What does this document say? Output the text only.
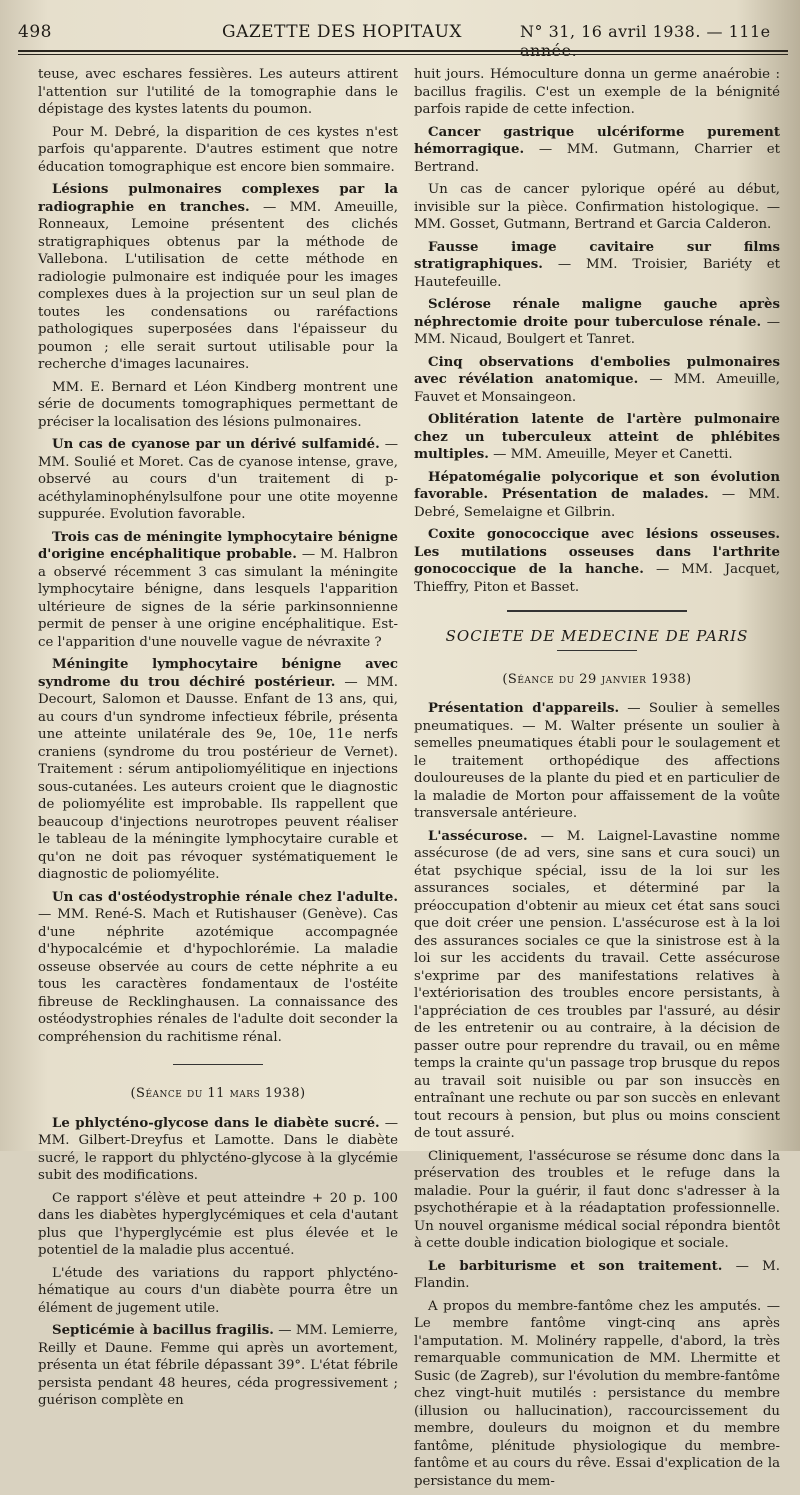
498	GAZETTE DES HOPITAUX	N° 31, 16 avril 1938. — 111e année.

teuse, avec eschares fessières. Les auteurs attirent l'attention sur l'utilité de la tomographie dans le dépistage des kystes latents du poumon.

Pour M. Debré, la disparition de ces kystes n'est parfois qu'apparente. D'autres estiment que notre éducation tomographique est encore bien sommaire.

Lésions pulmonaires complexes par la radiographie en tranches. — MM. Ameuille, Ronneaux, Lemoine présentent des clichés stratigraphiques obtenus par la méthode de Vallebona. L'utilisation de cette méthode en radiologie pulmonaire est indiquée pour les images complexes dues à la projection sur un seul plan de toutes les condensations ou raréfactions pathologiques superposées dans l'épaisseur du poumon ; elle serait surtout utilisable pour la recherche d'images lacunaires.

MM. E. Bernard et Léon Kindberg montrent une série de documents tomographiques permettant de préciser la localisation des lésions pulmonaires.

Un cas de cyanose par un dérivé sulfamidé. — MM. Soulié et Moret. Cas de cyanose intense, grave, observé au cours d'un traitement di p-acéthylaminophénylsulfone pour une otite moyenne suppurée. Evolution favorable.

Trois cas de méningite lymphocytaire bénigne d'origine encéphalitique probable. — M. Halbron a observé récemment 3 cas simulant la méningite lymphocytaire bénigne, dans lesquels l'apparition ultérieure de signes de la série parkinsonnienne permit de penser à une origine encéphalitique. Est-ce l'apparition d'une nouvelle vague de névraxite ?

Méningite lymphocytaire bénigne avec syndrome du trou déchiré postérieur. — MM. Decourt, Salomon et Dausse. Enfant de 13 ans, qui, au cours d'un syndrome infectieux fébrile, présenta une atteinte unilatérale des 9e, 10e, 11e nerfs craniens (syndrome du trou postérieur de Vernet). Traitement : sérum antipoliomyélitique en injections sous-cutanées. Les auteurs croient que le diagnostic de poliomyélite est improbable. Ils rappellent que beaucoup d'injections neurotropes peuvent réaliser le tableau de la méningite lymphocytaire curable et qu'on ne doit pas révoquer systématiquement le diagnostic de poliomyélite.

Un cas d'ostéodystrophie rénale chez l'adulte. — MM. René-S. Mach et Rutishauser (Genève). Cas d'une néphrite azotémique accompagnée d'hypocalcémie et d'hypochlorémie. La maladie osseuse observée au cours de cette néphrite a eu tous les caractères fondamentaux de l'ostéite fibreuse de Recklinghausen. La connaissance des ostéodystrophies rénales de l'adulte doit seconder la compréhension du rachitisme rénal.

(Séance du 11 mars 1938)

Le phlycténo-glycose dans le diabète sucré. — MM. Gilbert-Dreyfus et Lamotte. Dans le diabète sucré, le rapport du phlycténo-glycose à la glycémie subit des modifications.

Ce rapport s'élève et peut atteindre + 20 p. 100 dans les diabètes hyperglycémiques et cela d'autant plus que l'hyperglycémie est plus élevée et le potentiel de la maladie plus accentué.

L'étude des variations du rapport phlycténo-hématique au cours d'un diabète pourra être un élément de jugement utile.

Septicémie à bacillus fragilis. — MM. Lemierre, Reilly et Daune. Femme qui après un avortement, présenta un état fébrile dépassant 39°. L'état fébrile persista pendant 48 heures, céda progressivement ; guérison complète en

huit jours. Hémoculture donna un germe anaérobie : bacillus fragilis. C'est un exemple de la bénignité parfois rapide de cette infection.

Cancer gastrique ulcériforme purement hémorragique. — MM. Gutmann, Charrier et Bertrand.

Un cas de cancer pylorique opéré au début, invisible sur la pièce. Confirmation histologique. — MM. Gosset, Gutmann, Bertrand et Garcia Calderon.

Fausse image cavitaire sur films stratigraphiques. — MM. Troisier, Bariéty et Hautefeuille.

Sclérose rénale maligne gauche après néphrectomie droite pour tuberculose rénale. — MM. Nicaud, Boulgert et Tanret.

Cinq observations d'embolies pulmonaires avec révélation anatomique. — MM. Ameuille, Fauvet et Monsaingeon.

Oblitération latente de l'artère pulmonaire chez un tuberculeux atteint de phlébites multiples. — MM. Ameuille, Meyer et Canetti.

Hépatomégalie polycorique et son évolution favorable. Présentation de malades. — MM. Debré, Semelaigne et Gilbrin.

Coxite gonococcique avec lésions osseuses. Les mutilations osseuses dans l'arthrite gonococcique de la hanche. — MM. Jacquet, Thieffry, Piton et Basset.

SOCIETE DE MEDECINE DE PARIS
(Séance du 29 janvier 1938)

Présentation d'appareils. — Soulier à semelles pneumatiques. — M. Walter présente un soulier à semelles pneumatiques établi pour le soulagement et le traitement orthopédique des affections douloureuses de la plante du pied et en particulier de la maladie de Morton pour affaissement de la voûte transversale antérieure.

L'assécurose. — M. Laignel-Lavastine nomme assécurose (de ad vers, sine sans et cura souci) un état psychique spécial, issu de la loi sur les assurances sociales, et déterminé par la préoccupation d'obtenir au mieux cet état sans souci que doit créer une pension. L'assécurose est à la loi des assurances sociales ce que la sinistrose est à la loi sur les accidents du travail. Cette assécurose s'exprime par des manifestations relatives à l'extériorisation des troubles encore persistants, à l'appréciation de ces troubles par l'assuré, au désir de les entretenir ou au contraire, à la décision de passer outre pour reprendre du travail, ou en même temps la crainte qu'un passage trop brusque du repos au travail soit nuisible ou par son insuccès en entraînant une rechute ou par son succès en enlevant tout recours à pension, but plus ou moins conscient de tout assuré.

Cliniquement, l'assécurose se résume donc dans la préservation des troubles et le refuge dans la maladie. Pour la guérir, il faut donc s'adresser à la psychothérapie et à la réadaptation professionnelle. Un nouvel organisme médical social répondra bientôt à cette double indication biologique et sociale.

Le barbiturisme et son traitement. — M. Flandin.

A propos du membre-fantôme chez les amputés. — Le membre fantôme vingt-cinq ans après l'amputation. M. Molinéry rappelle, d'abord, la très remarquable communication de MM. Lhermitte et Susic (de Zagreb), sur l'évolution du membre-fantôme chez vingt-huit mutilés : persistance du membre (illusion ou hallucination), raccourcissement du membre, douleurs du moignon et du membre fantôme, plénitude physiologique du membre-fantôme et au cours du rêve. Essai d'explication de la persistance du mem-
